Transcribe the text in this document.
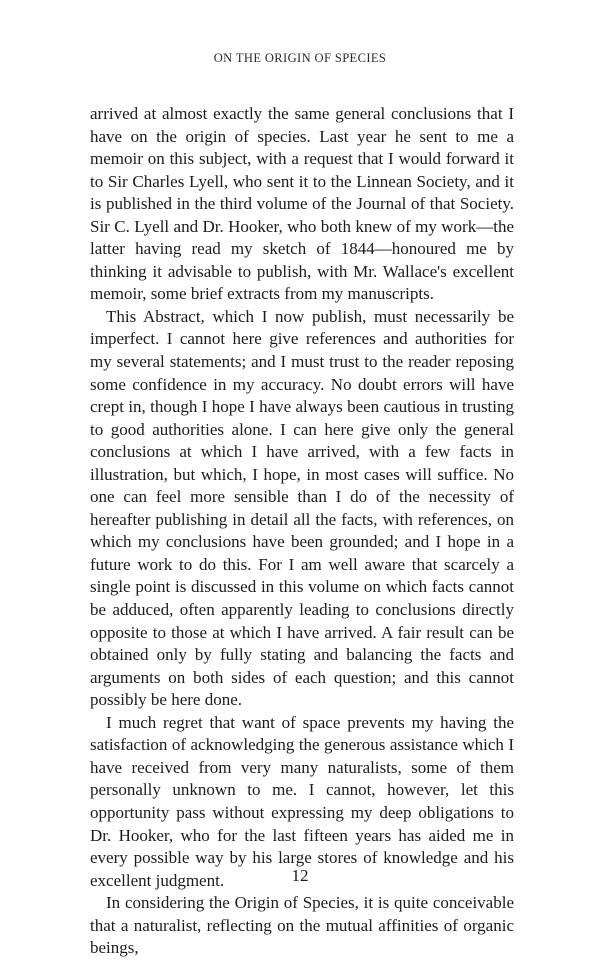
ON THE ORIGIN OF SPECIES

arrived at almost exactly the same general conclusions that I have on the origin of species. Last year he sent to me a memoir on this subject, with a request that I would forward it to Sir Charles Lyell, who sent it to the Linnean Society, and it is published in the third volume of the Journal of that Society. Sir C. Lyell and Dr. Hooker, who both knew of my work—the latter having read my sketch of 1844—honoured me by thinking it advisable to publish, with Mr. Wallace's excellent memoir, some brief extracts from my manuscripts.

This Abstract, which I now publish, must necessarily be imperfect. I cannot here give references and authorities for my several statements; and I must trust to the reader reposing some confidence in my accuracy. No doubt errors will have crept in, though I hope I have always been cautious in trusting to good authorities alone. I can here give only the general conclusions at which I have arrived, with a few facts in illustration, but which, I hope, in most cases will suffice. No one can feel more sensible than I do of the necessity of hereafter publishing in detail all the facts, with references, on which my conclusions have been grounded; and I hope in a future work to do this. For I am well aware that scarcely a single point is discussed in this volume on which facts cannot be adduced, often apparently leading to conclusions directly opposite to those at which I have arrived. A fair result can be obtained only by fully stating and balancing the facts and arguments on both sides of each question; and this cannot possibly be here done.

I much regret that want of space prevents my having the satisfaction of acknowledging the generous assistance which I have received from very many naturalists, some of them personally unknown to me. I cannot, however, let this opportunity pass without expressing my deep obligations to Dr. Hooker, who for the last fifteen years has aided me in every possible way by his large stores of knowledge and his excellent judgment.

In considering the Origin of Species, it is quite conceivable that a naturalist, reflecting on the mutual affinities of organic beings,

12
